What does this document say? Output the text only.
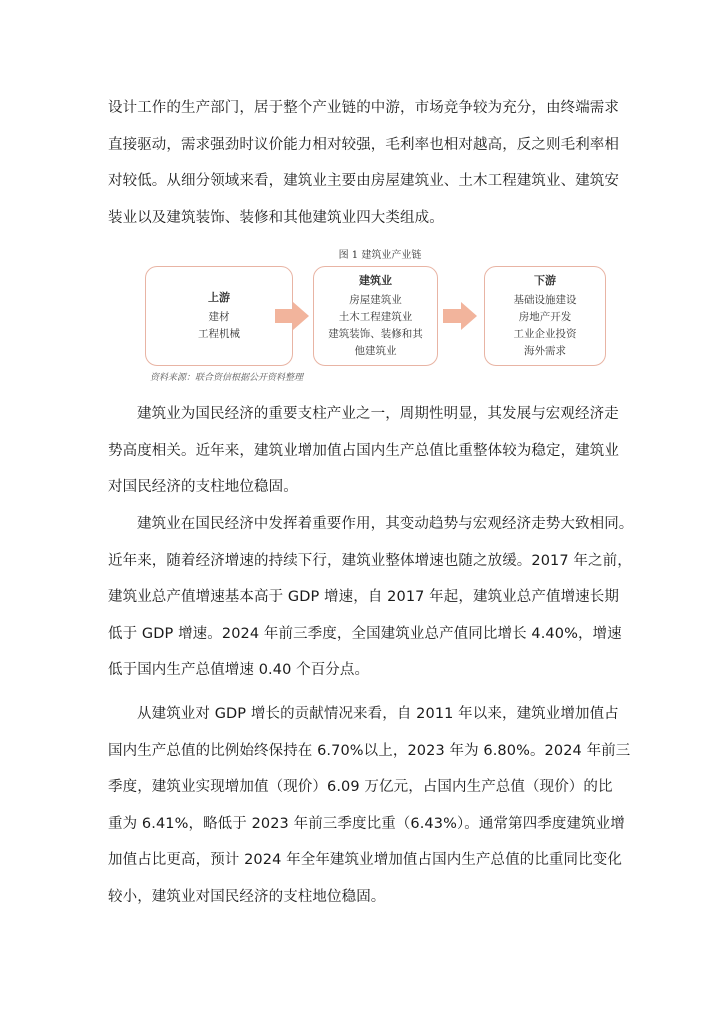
设计工作的生产部门，居于整个产业链的中游，市场竞争较为充分，由终端需求
直接驱动，需求强劲时议价能力相对较强，毛利率也相对越高，反之则毛利率相
对较低。从细分领域来看，建筑业主要由房屋建筑业、土木工程建筑业、建筑安
装业以及建筑装饰、装修和其他建筑业四大类组成。
图 1 建筑业产业链
上游
建材
工程机械
建筑业
房屋建筑业
土木工程建筑业
建筑装饰、装修和其
他建筑业
下游
基础设施建设
房地产开发
工业企业投资
海外需求
资料来源：联合资信根据公开资料整理
建筑业为国民经济的重要支柱产业之一，周期性明显，其发展与宏观经济走
势高度相关。近年来，建筑业增加值占国内生产总值比重整体较为稳定，建筑业
对国民经济的支柱地位稳固。
建筑业在国民经济中发挥着重要作用，其变动趋势与宏观经济走势大致相同。
近年来，随着经济增速的持续下行，建筑业整体增速也随之放缓。2017 年之前，
建筑业总产值增速基本高于 GDP 增速，自 2017 年起，建筑业总产值增速长期
低于 GDP 增速。2024 年前三季度，全国建筑业总产值同比增长 4.40%，增速
低于国内生产总值增速 0.40 个百分点。
从建筑业对 GDP 增长的贡献情况来看，自 2011 年以来，建筑业增加值占
国内生产总值的比例始终保持在 6.70%以上，2023 年为 6.80%。2024 年前三
季度，建筑业实现增加值（现价）6.09 万亿元，占国内生产总值（现价）的比
重为 6.41%，略低于 2023 年前三季度比重（6.43%）。通常第四季度建筑业增
加值占比更高，预计 2024 年全年建筑业增加值占国内生产总值的比重同比变化
较小，建筑业对国民经济的支柱地位稳固。
